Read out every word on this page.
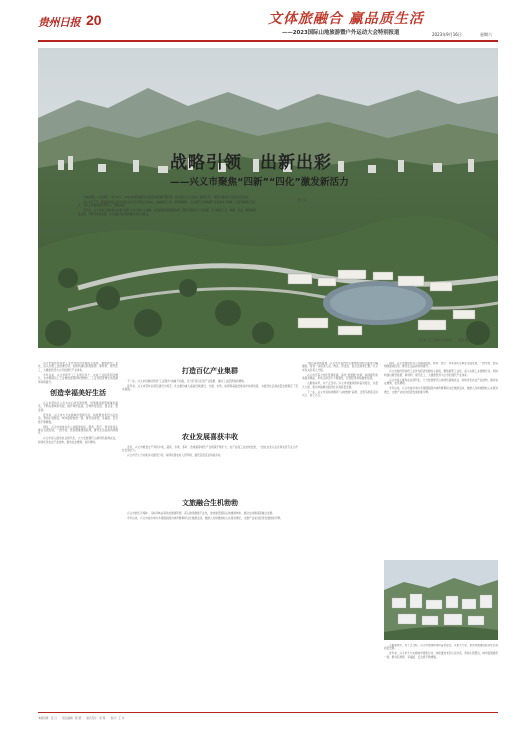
贵州日报 20	文体旅融合 赢品质生活
——2023国际山地旅游暨户外运动大会特别报道	2023年9月16日	星期六
战略引领　出新出彩
——兴义市聚焦“四新”“四化”激发新活力
张 汉

“加油奔跑，兴义高铁！”9月18日，2023兴峰铁路等在这里全线贯通开通运营，标志着兴义正式进入“高铁时代”，将极大推动兴义经济社会发展。

9月13日下午，黔西南州兴义市与多家企业签订项目合作协议，涵盖新型工业、新型城镇化、农业现代化和旅游产业化等多个领域，总投资额超过百亿元，为兴义市高质量发展注入了强劲动能。

近年来，兴义市深入贯彻落实省委“四新”主攻“四化”主战略，以高质量发展统揽全局，围绕“强省会”行动部署，全力推动工业、城镇、农业、旅游高质量发展，不断开创百姓富、生态美的多彩贵州新未来兴义篇章。

兴义市三江口湿地公园全景 陈德 摄

兴义市始终坚持把工业作为经济发展的主战场，聚焦新型工业化，深入实施工业倍增行动，加快构建以新型能源、新材料、现代化工、大健康医药为主导的现代产业体系。

今年以来，兴义市新开工工业项目多个，完成工业投资同比增长，全市规模以上工业增加值保持较快增长，工业对经济增长的贡献率持续提升。

创造幸福美好生活

兴义市坚持以人民为中心的发展思想，统筹推进新型城镇化建设，不断完善城市功能，提升城市品质，让城市更宜居、更宜业、更宜游。

近年来，兴义市大力实施城市更新行动，持续推进老旧小区改造、背街小巷整治，城市面貌焕然一新，群众获得感、幸福感、安全感不断增强。

同时，兴义市加快补齐公共服务短板，教育、医疗、养老等民生事业全面发展，一批学校、医院相继建成投用，群众生活品质持续提升。

兴义市深入推进农业现代化，大力发展现代山地特色高效农业，持续优化农业产业结构，推动农业增效、农民增收。

打造百亿产业集群

下一步，兴义市将继续坚持“工业强市”战略不动摇，全力打造百亿级产业集群，推动工业经济提质增效。

近年来，兴义市坚持以项目建设为抓手，扎实推进重大基础设施建设，交通、水利、能源等基础设施条件持续改善，为经济社会高质量发展奠定了坚实基础。

农业发展喜获丰收

今年，兴义市粮食生产再获丰收，蔬菜、水果、茶叶、食用菌等特色产业规模不断扩大，农产品加工业加快发展，一批农业龙头企业和农民专业合作社发展壮大。

兴义市还大力实施乡村建设行动，持续改善农村人居环境，建设宜居宜业和美乡村。

文旅融合生机勃勃

兴义市依托万峰林、马岭河峡谷等优质旅游资源，深入推进旅游产业化，加快建设国际山地旅游城市，推动文体旅深度融合发展。

今年以来，兴义市成功举办多项国际国内体育赛事和文化旅游活动，旅游人次和旅游收入实现双增长，文旅产业成为经济发展的新引擎。

“通过高铁的贯通，兴义市与省内外主要城市的时空距离大幅缩短，将进一步促进人流、物流、资金流、信息流加速汇聚。”兴义市有关负责人介绍。

兴义市还着力优化营商环境，深化“放管服”改革，持续提升政务服务效能，市场主体活力不断激发，民营经济持续健康发展。

人勤春来早，实干正当时。兴义市将继续保持奋进姿态，以更大力度、更实举措推动经济社会高质量发展。

下一步，兴义市将持续擦亮“山地旅游”品牌，让更多游客走进兴义、爱上兴义。

同时，兴义市加快补齐公共服务短板，教育、医疗、养老等民生事业全面发展，一批学校、医院相继建成投用，群众生活品质持续提升。

兴义市始终坚持把工业作为经济发展的主战场，聚焦新型工业化，深入实施工业倍增行动，加快构建以新型能源、新材料、现代化工、大健康医药为主导的现代产业体系。

兴义市深入推进农业现代化，大力发展现代山地特色高效农业，持续优化农业产业结构，推动农业增效、农民增收。

今年以来，兴义市成功举办多项国际国内体育赛事和文化旅游活动，旅游人次和旅游收入实现双增长，文旅产业成为经济发展的新引擎。

人勤春来早，实干正当时。兴义市将继续保持奋进姿态，以更大力度、更实举措推动经济社会高质量发展。

近年来，兴义市大力实施城市更新行动，持续推进老旧小区改造、背街小巷整治，城市面貌焕然一新，群众获得感、幸福感、安全感不断增强。

本版统筹：张 汉　　责任编辑：陈 德　　版式设计：李 明　　校对：王 华
